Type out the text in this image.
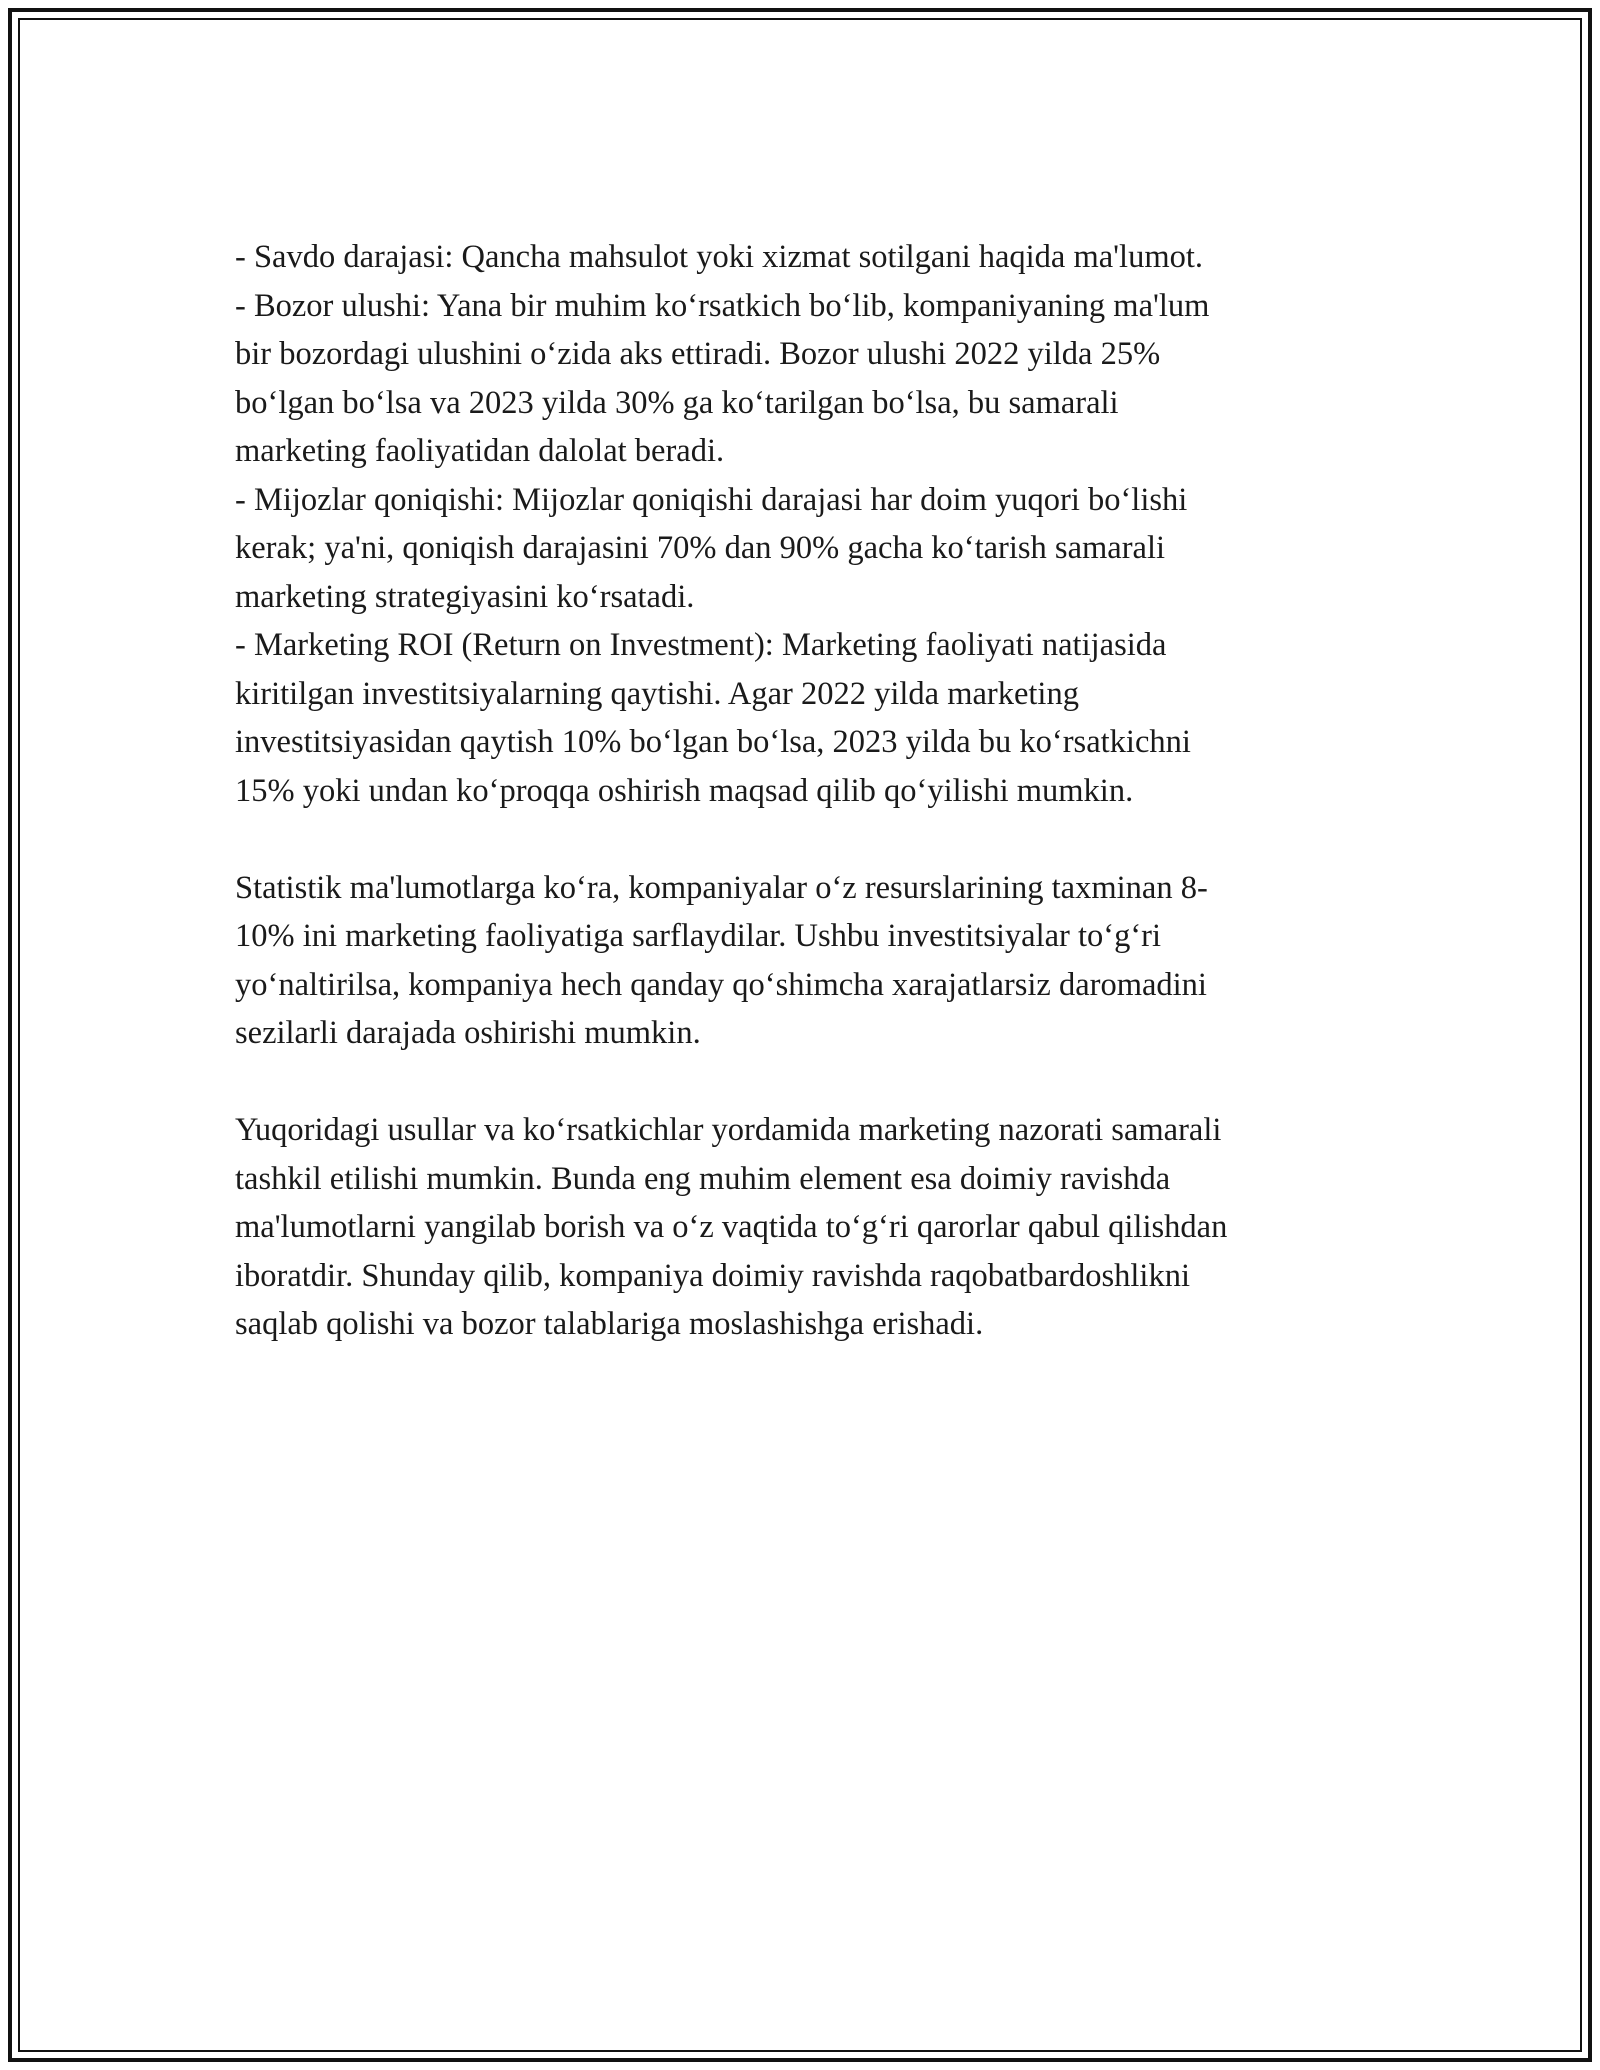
- Savdo darajasi: Qancha mahsulot yoki xizmat sotilgani haqida ma'lumot.
- Bozor ulushi: Yana bir muhim ko‘rsatkich bo‘lib, kompaniyaning ma'lum
bir bozordagi ulushini o‘zida aks ettiradi. Bozor ulushi 2022 yilda 25%
bo‘lgan bo‘lsa va 2023 yilda 30% ga ko‘tarilgan bo‘lsa, bu samarali
marketing faoliyatidan dalolat beradi.
- Mijozlar qoniqishi: Mijozlar qoniqishi darajasi har doim yuqori bo‘lishi
kerak; ya'ni, qoniqish darajasini 70% dan 90% gacha ko‘tarish samarali
marketing strategiyasini ko‘rsatadi.
- Marketing ROI (Return on Investment): Marketing faoliyati natijasida
kiritilgan investitsiyalarning qaytishi. Agar 2022 yilda marketing
investitsiyasidan qaytish 10% bo‘lgan bo‘lsa, 2023 yilda bu ko‘rsatkichni
15% yoki undan ko‘proqqa oshirish maqsad qilib qo‘yilishi mumkin.

Statistik ma'lumotlarga ko‘ra, kompaniyalar o‘z resurslarining taxminan 8-
10% ini marketing faoliyatiga sarflaydilar. Ushbu investitsiyalar to‘g‘ri
yo‘naltirilsa, kompaniya hech qanday qo‘shimcha xarajatlarsiz daromadini
sezilarli darajada oshirishi mumkin.

Yuqoridagi usullar va ko‘rsatkichlar yordamida marketing nazorati samarali
tashkil etilishi mumkin. Bunda eng muhim element esa doimiy ravishda
ma'lumotlarni yangilab borish va o‘z vaqtida to‘g‘ri qarorlar qabul qilishdan
iboratdir. Shunday qilib, kompaniya doimiy ravishda raqobatbardoshlikni
saqlab qolishi va bozor talablariga moslashishga erishadi.
